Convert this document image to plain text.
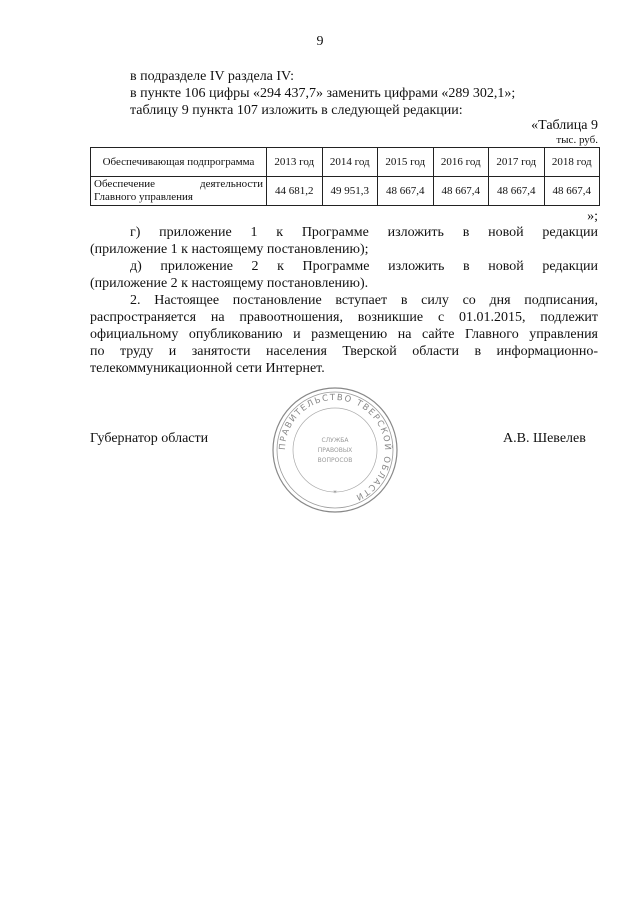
9
в подразделе IV раздела IV:
в пункте 106 цифры «294 437,7» заменить цифрами «289 302,1»;
таблицу 9 пункта 107 изложить в следующей редакции:
«Таблица 9
тыс. руб.
Обеспечивающая подпрограмма	2013 год	2014 год	2015 год	2016 год	2017 год	2018 год

Обеспечение деятельности
Главного управления	44 681,2	49 951,3	48 667,4	48 667,4	48 667,4	48 667,4
»;
г) приложение 1 к Программе изложить в новой редакции
(приложение 1 к настоящему постановлению);
д) приложение 2 к Программе изложить в новой редакции
(приложение 2 к настоящему постановлению).
2. Настоящее постановление вступает в силу со дня подписания,
распространяется на правоотношения, возникшие с 01.01.2015, подлежит
официальному опубликованию и размещению на сайте Главного управления
по труду и занятости населения Тверской области в информационно-
телекоммуникационной сети Интернет.
Губернатор области	А.В. Шевелев
ПРАВИТЕЛЬСТВО ТВЕРСКОЙ ОБЛАСТИ
СЛУЖБА
ПРАВОВЫХ
ВОПРОСОВ
*
